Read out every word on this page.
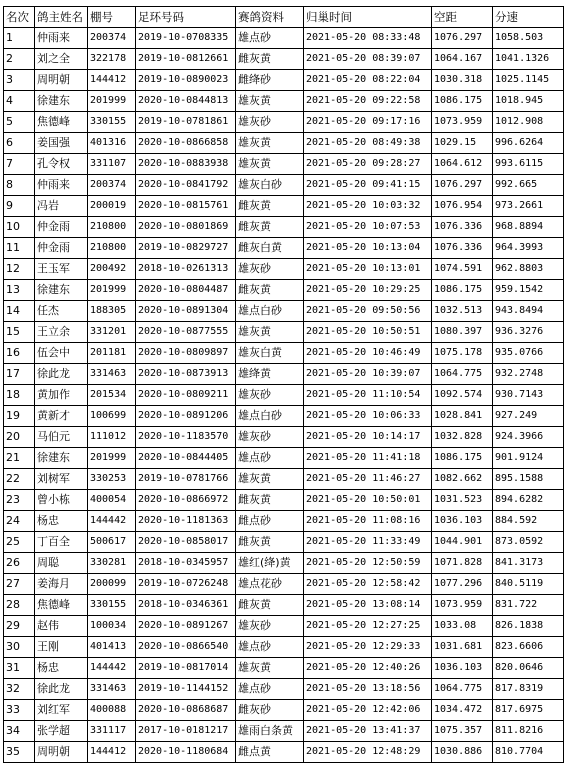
名次	鸽主姓名	棚号	足环号码	赛鸽资料	归巢时间	空距	分速
1	仲雨来	200374	2019-10-0708335	雄点砂	2021-05-20 08:33:48	1076.297	1058.503
2	刘之全	322178	2019-10-0812661	雌灰黄	2021-05-20 08:39:07	1064.167	1041.1326
3	周明朝	144412	2019-10-0890023	雌绛砂	2021-05-20 08:22:04	1030.318	1025.1145
4	徐建东	201999	2020-10-0844813	雄灰黄	2021-05-20 09:22:58	1086.175	1018.945
5	焦德峰	330155	2019-10-0781861	雄灰砂	2021-05-20 09:17:16	1073.959	1012.908
6	姜国强	401316	2020-10-0866858	雄灰黄	2021-05-20 08:49:38	1029.15	996.6264
7	孔令权	331107	2020-10-0883938	雄灰黄	2021-05-20 09:28:27	1064.612	993.6115
8	仲雨来	200374	2020-10-0841792	雄灰白砂	2021-05-20 09:41:15	1076.297	992.665
9	冯岩	200019	2020-10-0815761	雌灰黄	2021-05-20 10:03:32	1076.954	973.2661
10	仲金雨	210800	2020-10-0801869	雌灰黄	2021-05-20 10:07:53	1076.336	968.8894
11	仲金雨	210800	2019-10-0829727	雌灰白黄	2021-05-20 10:13:04	1076.336	964.3993
12	王玉军	200492	2018-10-0261313	雄灰砂	2021-05-20 10:13:01	1074.591	962.8803
13	徐建东	201999	2020-10-0804487	雌灰黄	2021-05-20 10:29:25	1086.175	959.1542
14	任杰	188305	2020-10-0891304	雄点白砂	2021-05-20 09:50:56	1032.513	943.8494
15	王立余	331201	2020-10-0877555	雄灰黄	2021-05-20 10:50:51	1080.397	936.3276
16	伍会中	201181	2020-10-0809897	雄灰白黄	2021-05-20 10:46:49	1075.178	935.0766
17	徐此龙	331463	2020-10-0873913	雄绛黄	2021-05-20 10:39:07	1064.775	932.2748
18	黄加作	201534	2020-10-0809211	雄灰砂	2021-05-20 11:10:54	1092.574	930.7143
19	黄新才	100699	2020-10-0891206	雄点白砂	2021-05-20 10:06:33	1028.841	927.249
20	马伯元	111012	2020-10-1183570	雄灰砂	2021-05-20 10:14:17	1032.828	924.3966
21	徐建东	201999	2020-10-0844405	雄点砂	2021-05-20 11:41:18	1086.175	901.9124
22	刘树军	330253	2019-10-0781766	雄灰黄	2021-05-20 11:46:27	1082.662	895.1588
23	曾小栋	400054	2020-10-0866972	雌灰黄	2021-05-20 10:50:01	1031.523	894.6282
24	杨忠	144442	2020-10-1181363	雌点砂	2021-05-20 11:08:16	1036.103	884.592
25	丁百全	500617	2020-10-0858017	雌灰黄	2021-05-20 11:33:49	1044.901	873.0592
26	周聪	330281	2018-10-0345957	雄红(绛)黄	2021-05-20 12:50:59	1071.828	841.3173
27	姜海月	200099	2019-10-0726248	雄点花砂	2021-05-20 12:58:42	1077.296	840.5119
28	焦德峰	330155	2018-10-0346361	雌灰黄	2021-05-20 13:08:14	1073.959	831.722
29	赵伟	100034	2020-10-0891267	雄灰砂	2021-05-20 12:27:25	1033.08	826.1838
30	王刚	401413	2020-10-0866540	雄点砂	2021-05-20 12:29:33	1031.681	823.6606
31	杨忠	144442	2019-10-0817014	雄灰黄	2021-05-20 12:40:26	1036.103	820.0646
32	徐此龙	331463	2019-10-1144152	雄点砂	2021-05-20 13:18:56	1064.775	817.8319
33	刘红军	400088	2020-10-0868687	雌灰砂	2021-05-20 12:42:06	1034.472	817.6975
34	张学超	331117	2017-10-0181217	雄雨白条黄	2021-05-20 13:41:37	1075.357	811.8216
35	周明朝	144412	2020-10-1180684	雌点黄	2021-05-20 12:48:29	1030.886	810.7704
